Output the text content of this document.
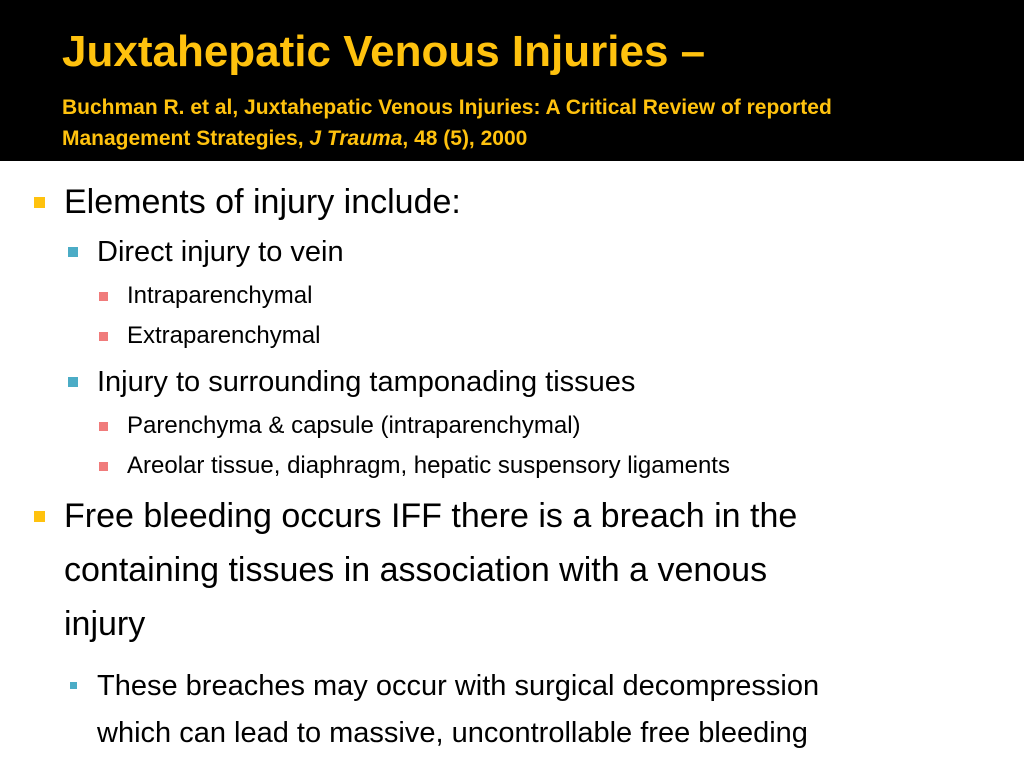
Juxtahepatic Venous Injuries –

Buchman R. et al, Juxtahepatic Venous Injuries: A Critical Review of reported Management Strategies, J Trauma, 48 (5), 2000

Elements of injury include:
Direct injury to vein
Intraparenchymal
Extraparenchymal
Injury to surrounding tamponading tissues
Parenchyma & capsule (intraparenchymal)
Areolar tissue, diaphragm, hepatic suspensory ligaments
Free bleeding occurs IFF there is a breach in the
containing tissues in association with a venous
injury
These breaches may occur with surgical decompression
which can lead to massive, uncontrollable free bleeding
